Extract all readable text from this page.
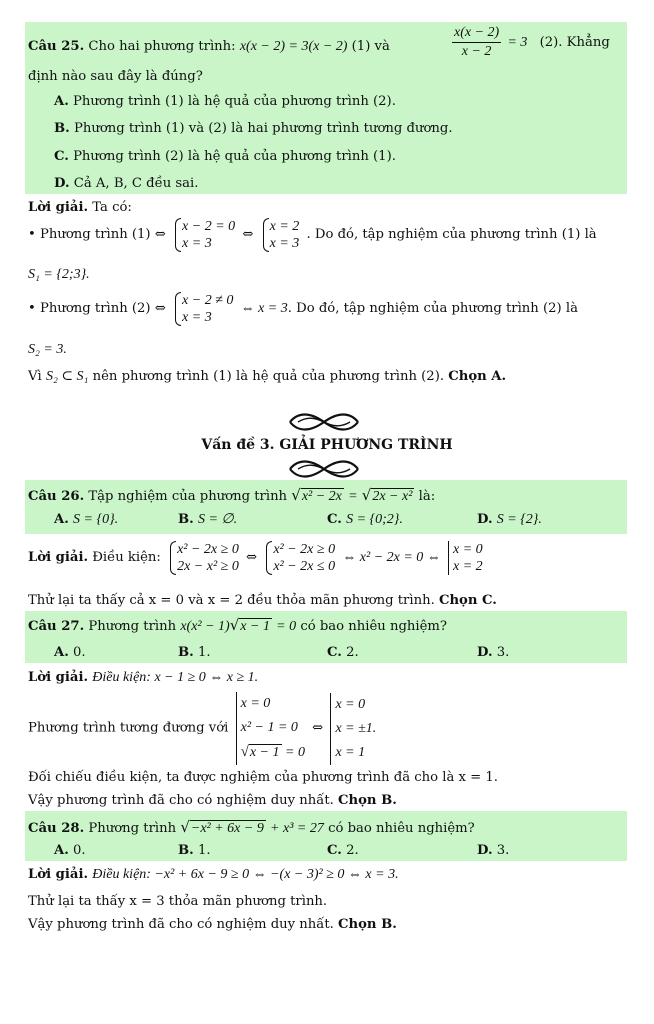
Câu 25. Cho hai phương trình: x(x − 2) = 3(x − 2) (1) và	$\frac{x(x - 2)}{x - 2} = 3$ (2). Khẳng
định nào sau đây là đúng?
A. Phương trình (1) là hệ quả của phương trình (2).
B. Phương trình (1) và (2) là hai phương trình tương đương.
C. Phương trình (2) là hệ quả của phương trình (1).
D. Cả A, B, C đều sai.
Lời giải. Ta có:
• Phương trình (1) ⇔ x − 2 = 0
x = 3 ⇔ x = 2
x = 3 . Do đó, tập nghiệm của phương trình (1) là
S₁ = {2;3}.
• Phương trình (2) ⇔ x − 2 ≠ 0
x = 3 ⇔ x = 3. Do đó, tập nghiệm của phương trình (2) là
S₂ = 3.
Vì S₂ ⊂ S₁ nên phương trình (1) là hệ quả của phương trình (2). Chọn A.
Vấn đề 3. GIẢI PHƯƠNG TRÌNH
Câu 26. Tập nghiệm của phương trình √x² − 2x = √2x − x² là:
A. S = {0}.	B. S = ∅.	C. S = {0;2}.	D. S = {2}.
Lời giải. Điều kiện: x² − 2x ≥ 0
2x − x² ≥ 0 ⇔ x² − 2x ≥ 0
x² − 2x ≤ 0 ⇔ x² − 2x = 0 ⇔ x = 0
x = 2
Thử lại ta thấy cả x = 0 và x = 2 đều thỏa mãn phương trình. Chọn C.
Câu 27. Phương trình x(x² − 1)√x − 1 = 0 có bao nhiêu nghiệm?
A. 0.	B. 1.	C. 2.	D. 3.
Lời giải. Điều kiện: x − 1 ≥ 0 ⇔ x ≥ 1.
Phương trình tương đương với x = 0
x² − 1 = 0
√x − 1 = 0 ⇔ x = 0
x = ±1.
x = 1
Đối chiếu điều kiện, ta được nghiệm của phương trình đã cho là x = 1.
Vậy phương trình đã cho có nghiệm duy nhất. Chọn B.
Câu 28. Phương trình √−x² + 6x − 9 + x³ = 27 có bao nhiêu nghiệm?
A. 0.	B. 1.	C. 2.	D. 3.
Lời giải. Điều kiện: −x² + 6x − 9 ≥ 0 ⇔ −(x − 3)² ≥ 0 ⇔ x = 3.
Thử lại ta thấy x = 3 thỏa mãn phương trình.
Vậy phương trình đã cho có nghiệm duy nhất. Chọn B.
